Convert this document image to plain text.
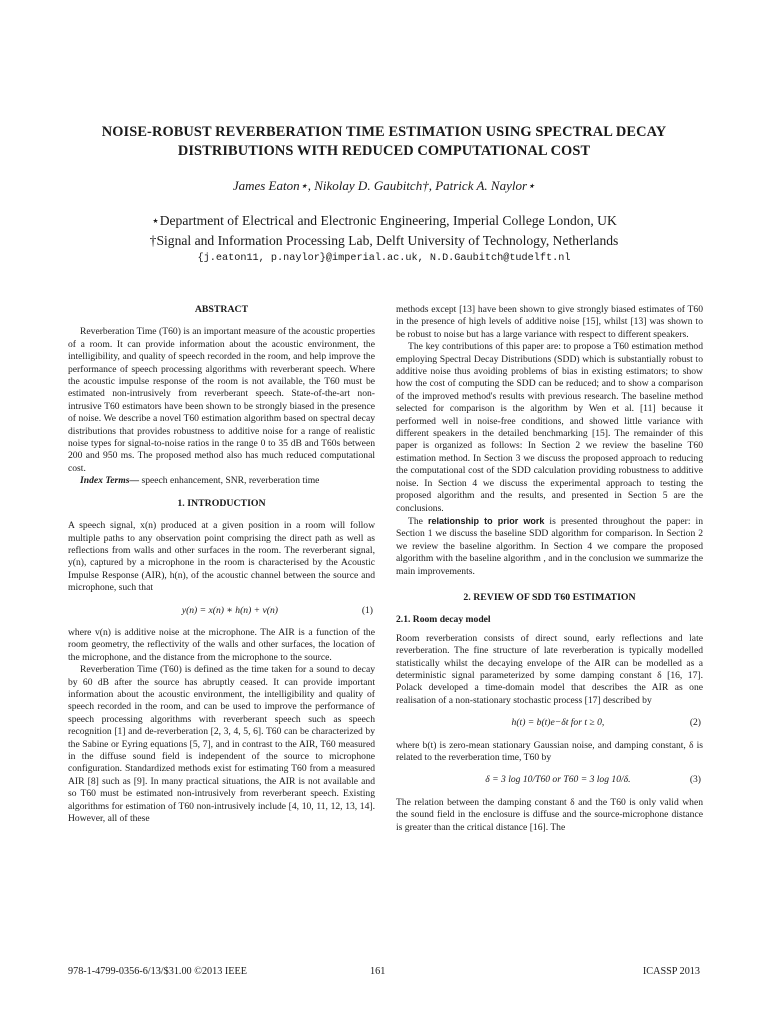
NOISE-ROBUST REVERBERATION TIME ESTIMATION USING SPECTRAL DECAY
DISTRIBUTIONS WITH REDUCED COMPUTATIONAL COST
James Eaton⋆, Nikolay D. Gaubitch†, Patrick A. Naylor⋆
⋆Department of Electrical and Electronic Engineering, Imperial College London, UK
†Signal and Information Processing Lab, Delft University of Technology, Netherlands
{j.eaton11, p.naylor}@imperial.ac.uk, N.D.Gaubitch@tudelft.nl
ABSTRACT

Reverberation Time (T60) is an important measure of the acoustic properties of a room. It can provide information about the acoustic environment, the intelligibility, and quality of speech recorded in the room, and help improve the performance of speech processing algorithms with reverberant speech. Where the acoustic impulse response of the room is not available, the T60 must be estimated non-intrusively from reverberant speech. State-of-the-art non-intrusive T60 estimators have been shown to be strongly biased in the presence of noise. We describe a novel T60 estimation algorithm based on spectral decay distributions that provides robustness to additive noise for a range of realistic noise types for signal-to-noise ratios in the range 0 to 35 dB and T60s between 200 and 950 ms. The proposed method also has much reduced computational cost.

Index Terms— speech enhancement, SNR, reverberation time

1. INTRODUCTION

A speech signal, x(n) produced at a given position in a room will follow multiple paths to any observation point comprising the direct path as well as reflections from walls and other surfaces in the room. The reverberant signal, y(n), captured by a microphone in the room is characterised by the Acoustic Impulse Response (AIR), h(n), of the acoustic channel between the source and microphone, such that

y(n) = x(n) ∗ h(n) + v(n)	(1)

where v(n) is additive noise at the microphone. The AIR is a function of the room geometry, the reflectivity of the walls and other surfaces, the location of the microphone, and the distance from the microphone to the source.

Reverberation Time (T60) is defined as the time taken for a sound to decay by 60 dB after the source has abruptly ceased. It can provide important information about the acoustic environment, the intelligibility and quality of speech recorded in the room, and can be used to improve the performance of speech processing algorithms with reverberant speech such as speech recognition [1] and de-reverberation [2, 3, 4, 5, 6]. T60 can be characterized by the Sabine or Eyring equations [5, 7], and in contrast to the AIR, T60 measured in the diffuse sound field is independent of the source to microphone configuration. Standardized methods exist for estimating T60 from a measured AIR [8] such as [9]. In many practical situations, the AIR is not available and so T60 must be estimated non-intrusively from reverberant speech. Existing algorithms for estimation of T60 non-intrusively include [4, 10, 11, 12, 13, 14]. However, all of these

methods except [13] have been shown to give strongly biased estimates of T60 in the presence of high levels of additive noise [15], whilst [13] was shown to be robust to noise but has a large variance with respect to different speakers.

The key contributions of this paper are: to propose a T60 estimation method employing Spectral Decay Distributions (SDD) which is substantially robust to additive noise thus avoiding problems of bias in existing estimators; to show how the cost of computing the SDD can be reduced; and to show a comparison of the improved method's results with previous research. The baseline method selected for comparison is the algorithm by Wen et al. [11] because it performed well in noise-free conditions, and showed little variance with different speakers in the detailed benchmarking [15]. The remainder of this paper is organized as follows: In Section 2 we review the baseline T60 estimation method. In Section 3 we discuss the proposed approach to reducing the computational cost of the SDD calculation providing robustness to additive noise. In Section 4 we discuss the experimental approach to testing the proposed algorithm and the results, and presented in Section 5 are the conclusions.

The relationship to prior work is presented throughout the paper: in Section 1 we discuss the baseline SDD algorithm for comparison. In Section 2 we review the baseline algorithm. In Section 4 we compare the proposed algorithm with the baseline algorithm , and in the conclusion we summarize the main improvements.

2. REVIEW OF SDD T60 ESTIMATION
2.1. Room decay model

Room reverberation consists of direct sound, early reflections and late reverberation. The fine structure of late reverberation is typically modelled statistically whilst the decaying envelope of the AIR can be modelled as a deterministic signal parameterized by some damping constant δ [16, 17]. Polack developed a time-domain model that describes the AIR as one realisation of a non-stationary stochastic process [17] described by

h(t) = b(t)e−δt for t ≥ 0,	(2)

where b(t) is zero-mean stationary Gaussian noise, and damping constant, δ is related to the reverberation time, T60 by

δ = 3 log 10/T60 or T60 = 3 log 10/δ.	(3)

The relation between the damping constant δ and the T60 is only valid when the sound field in the enclosure is diffuse and the source-microphone distance is greater than the critical distance [16]. The

978-1-4799-0356-6/13/$31.00 ©2013 IEEE	161	ICASSP 2013
